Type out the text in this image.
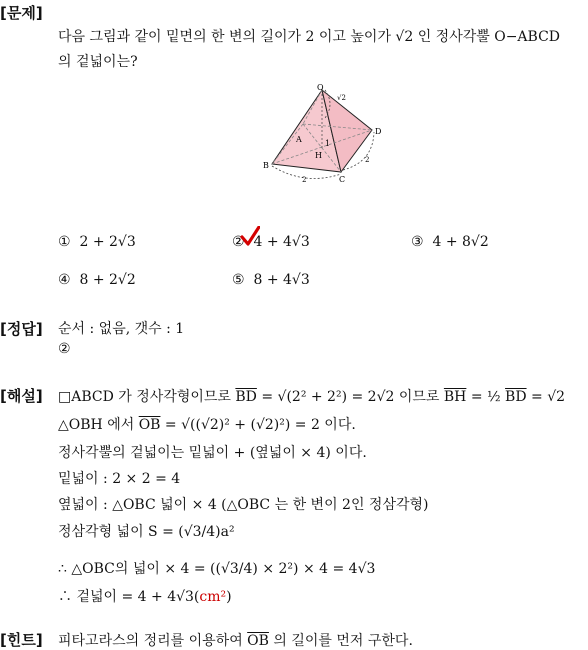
[문제]
다음 그림과 같이 밑면의 한 변의 길이가 2 이고 높이가 √2 인 정사각뿔 O−ABCD
의 겉넓이는?
O
A
B
C
D
H
1
√2
2
2
① 2 + 2√3	② 4 + 4√3	③ 4 + 8√2
④ 8 + 2√2	⑤ 8 + 4√3
[정답] 순서 : 없음, 갯수 : 1
②
[해설] □ABCD 가 정사각형이므로 $\overline{BD} = √(2^2 + 2^2) = 2√2$ 이므로 $\overline{BH}$ = ½ $\overline{BD} = √2$
△OBH 에서 $\overline{OB} = √((√2)^2 + (√2)^2) = 2$ 이다.
정사각뿔의 겉넓이는 밑넓이 + (옆넓이 × 4) 이다.
밑넓이 : 2 × 2 = 4
옆넓이 : △OBC 넓이 × 4 (△OBC 는 한 변이 2인 정삼각형)
정삼각형 넓이 S = (√3/4)a²
∴ △OBC의 넓이 × 4 = ((√3/4) × 2²) × 4 = 4√3
∴ 겉넓이 = 4 + 4√3(cm²)
[힌트] 피타고라스의 정리를 이용하여 $\overline{OB}$ 의 길이를 먼저 구한다.
